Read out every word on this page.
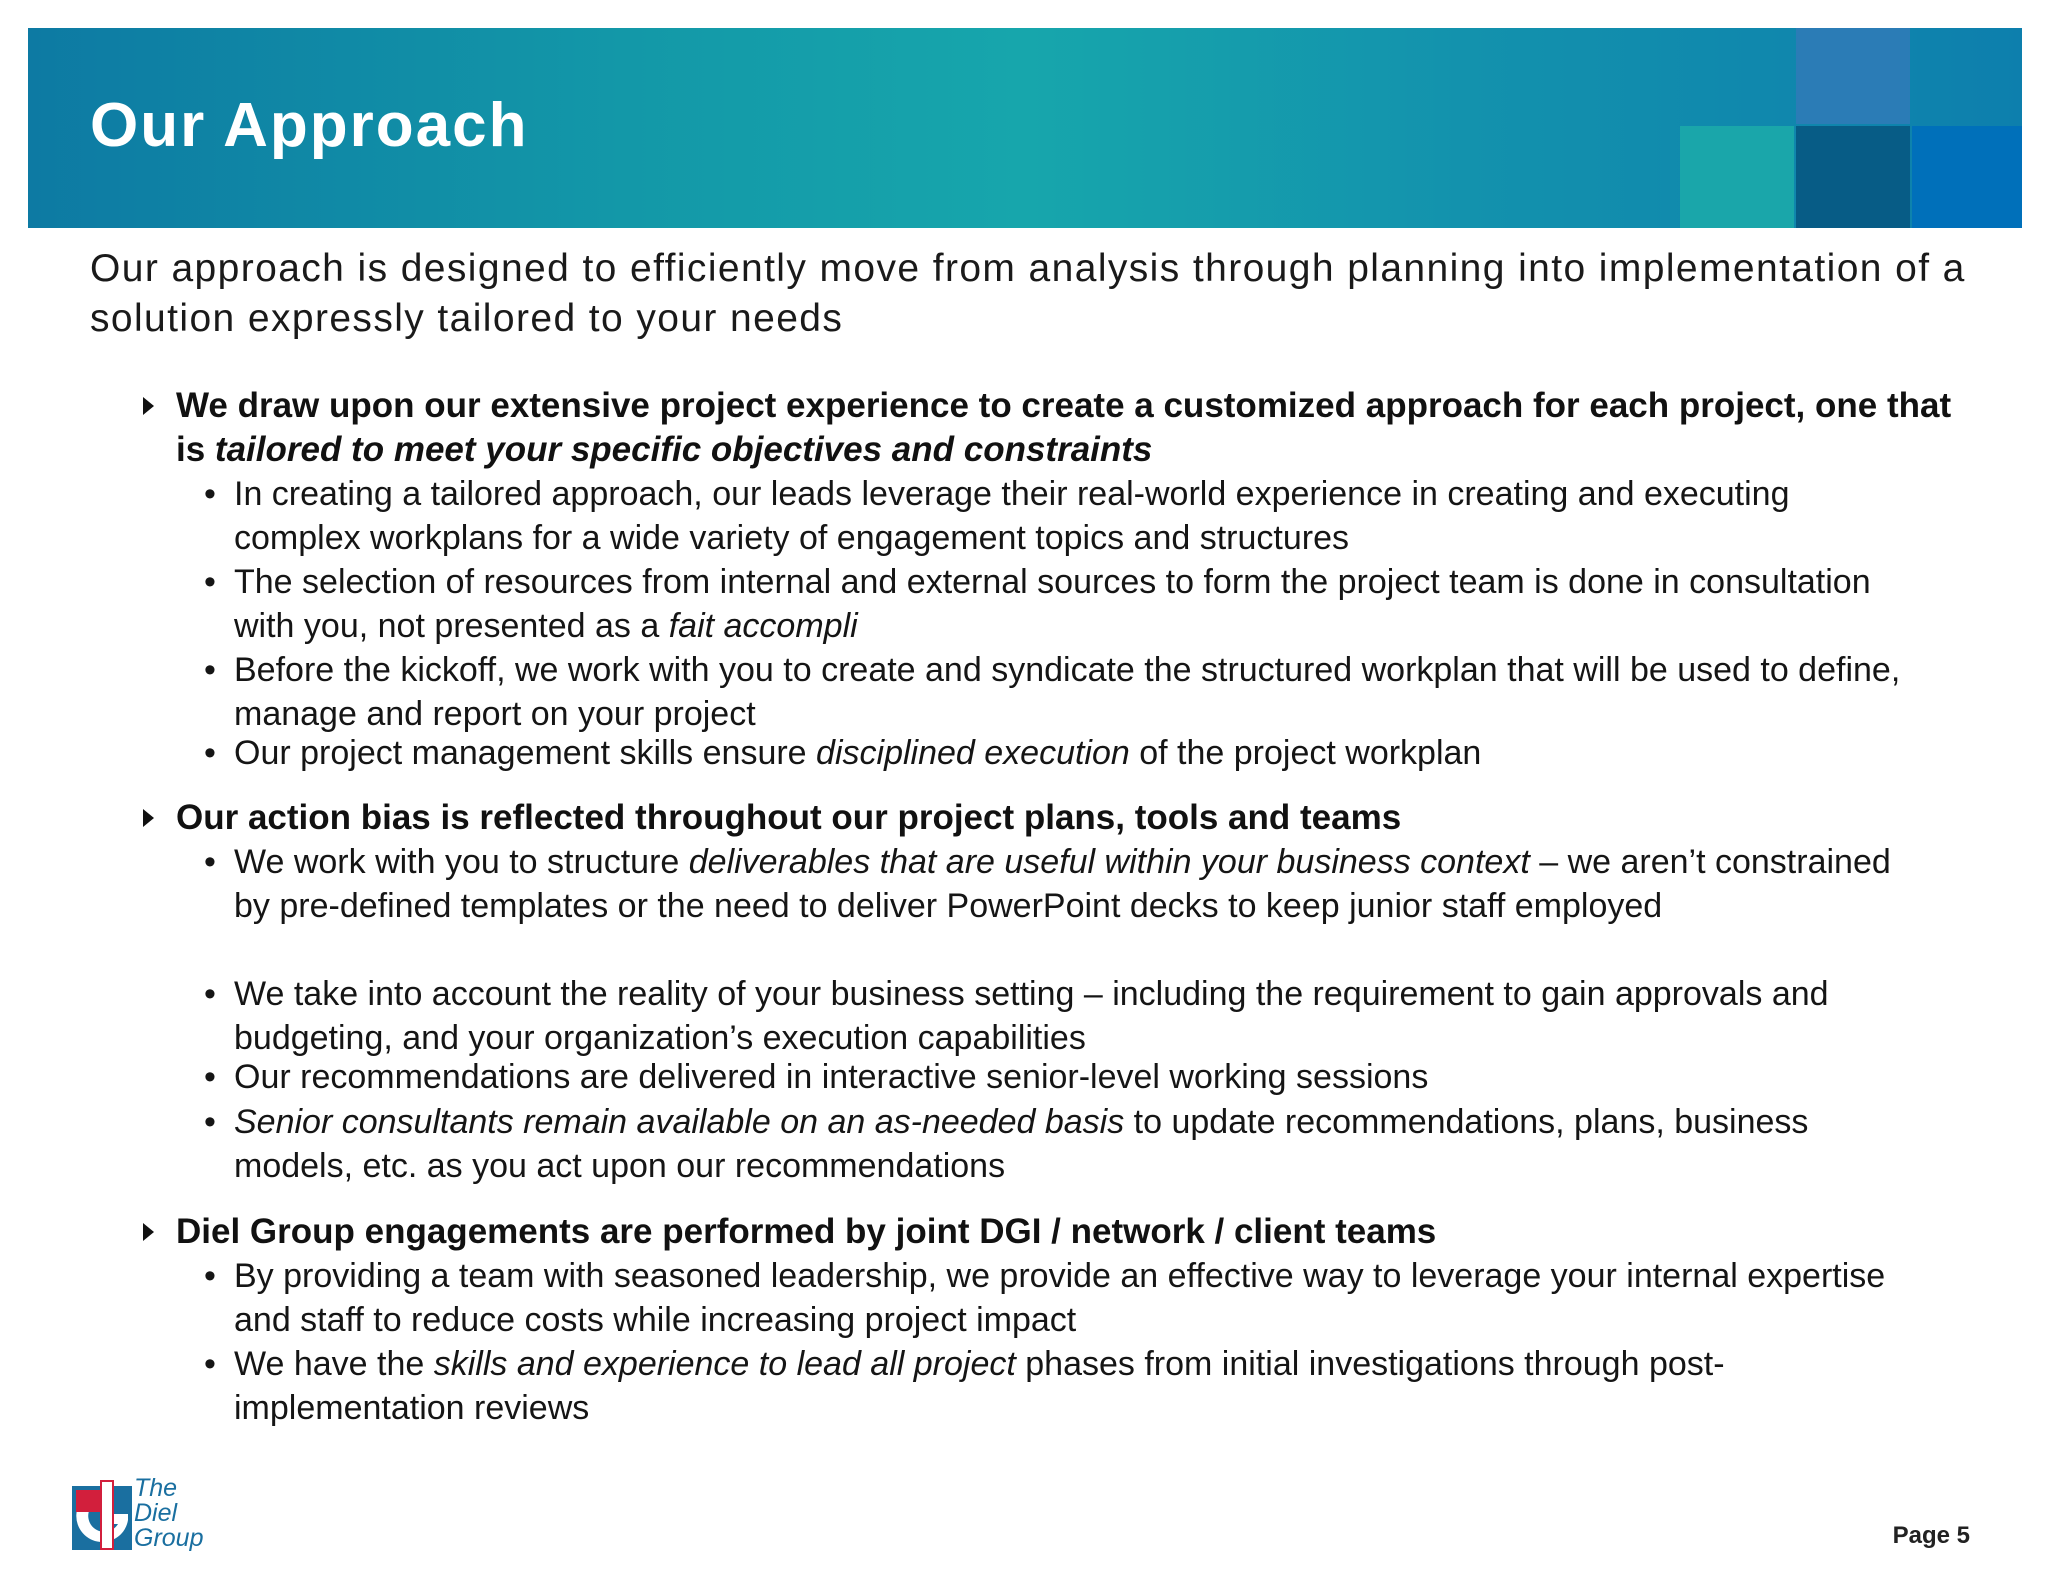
Our Approach

Our approach is designed to efficiently move from analysis through planning into implementation of a solution expressly tailored to your needs

We draw upon our extensive project experience to create a customized approach for each project, one that is tailored to meet your specific objectives and constraints
• In creating a tailored approach, our leads leverage their real-world experience in creating and executing complex workplans for a wide variety of engagement topics and structures
• The selection of resources from internal and external sources to form the project team is done in consultation with you, not presented as a fait accompli
• Before the kickoff, we work with you to create and syndicate the structured workplan that will be used to define, manage and report on your project
• Our project management skills ensure disciplined execution of the project workplan
Our action bias is reflected throughout our project plans, tools and teams
• We work with you to structure deliverables that are useful within your business context – we aren’t constrained by pre-defined templates or the need to deliver PowerPoint decks to keep junior staff employed
• We take into account the reality of your business setting – including the requirement to gain approvals and budgeting, and your organization’s execution capabilities
• Our recommendations are delivered in interactive senior-level working sessions
• Senior consultants remain available on an as-needed basis to update recommendations, plans, business models, etc. as you act upon our recommendations
Diel Group engagements are performed by joint DGI / network / client teams
• By providing a team with seasoned leadership, we provide an effective way to leverage your internal expertise and staff to reduce costs while increasing project impact
• We have the skills and experience to lead all project phases from initial investigations through post-implementation reviews
The
Diel
Group	Page 5
